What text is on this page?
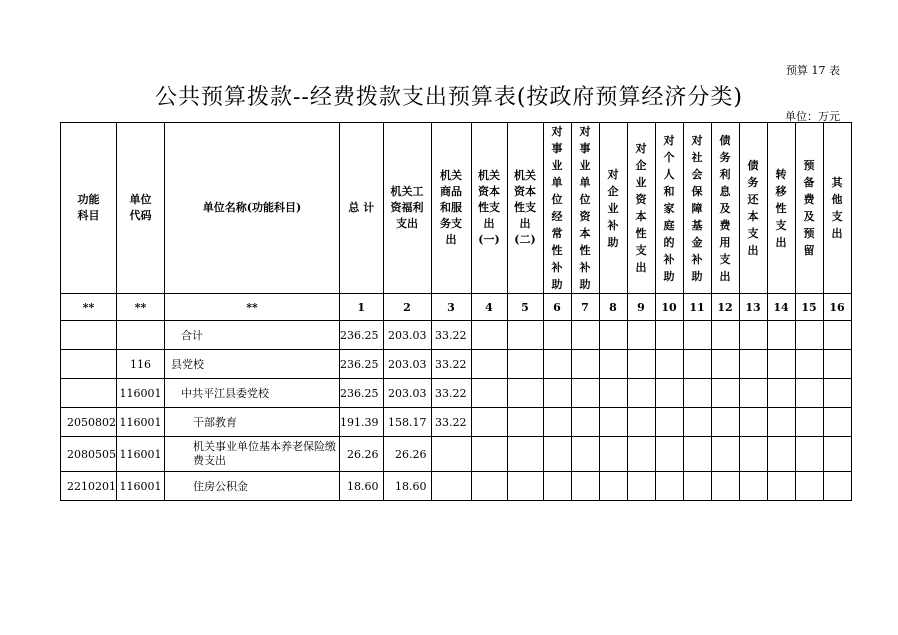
预算 17 表
公共预算拨款--经费拨款支出预算表(按政府预算经济分类)
单位：万元
功能科目	单位代码	单位名称(功能科目)	总 计	机关工资福利支出	机关商品和服务支出	机关资本性支出(一)	机关资本性支出(二)	对事业单位经常性补助	对事业单位资本性补助	对企业补助	对企业资本性支出	对个人和家庭的补助	对社会保障基金补助	债务利息及费用支出	债务还本支出	转移性支出	预备费及预留	其他支出
**	**	**	1	2	3	4	5	6	7	8	9	10	11	12	13	14	15	16
		合计	236.25	203.03	33.22													
	116	县党校	236.25	203.03	33.22													
	116001	中共平江县委党校	236.25	203.03	33.22													
2050802	116001	干部教育	191.39	158.17	33.22													
2080505	116001	机关事业单位基本养老保险缴费支出	26.26	26.26														
2210201	116001	住房公积金	18.60	18.60														
